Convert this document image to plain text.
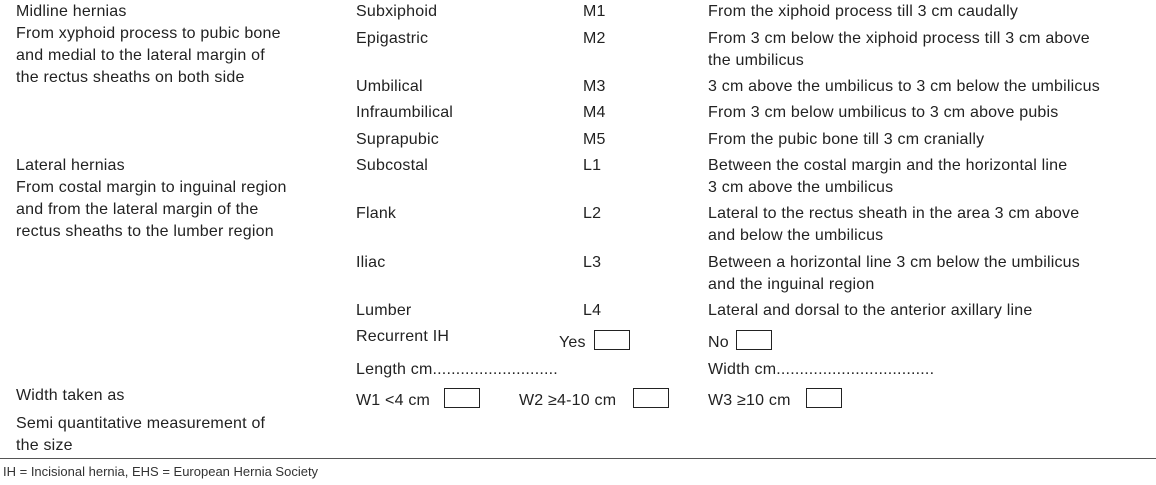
Midline hernias
From xyphoid process to pubic bone
and medial to the lateral margin of
the rectus sheaths on both side
Lateral hernias
From costal margin to inguinal region
and from the lateral margin of the
rectus sheaths to the lumber region
Subxiphoid	M1	From the xiphoid process till 3 cm caudally
Epigastric	M2	From 3 cm below the xiphoid process till 3 cm above
the umbilicus
Umbilical	M3	3 cm above the umbilicus to 3 cm below the umbilicus
Infraumbilical	M4	From 3 cm below umbilicus to 3 cm above pubis
Suprapubic	M5	From the pubic bone till 3 cm cranially
Subcostal	L1	Between the costal margin and the horizontal line
3 cm above the umbilicus
Flank	L2	Lateral to the rectus sheath in the area 3 cm above
and below the umbilicus
Iliac	L3	Between a horizontal line 3 cm below the umbilicus
and the inguinal region
Lumber	L4	Lateral and dorsal to the anterior axillary line
Recurrent IH	Yes	No
Length cm...........................	Width cm..................................
Width taken as
Semi quantitative measurement of
the size
W1 <4 cm	W2 ≥4-10 cm	W3 ≥10 cm
IH = Incisional hernia, EHS = European Hernia Society
